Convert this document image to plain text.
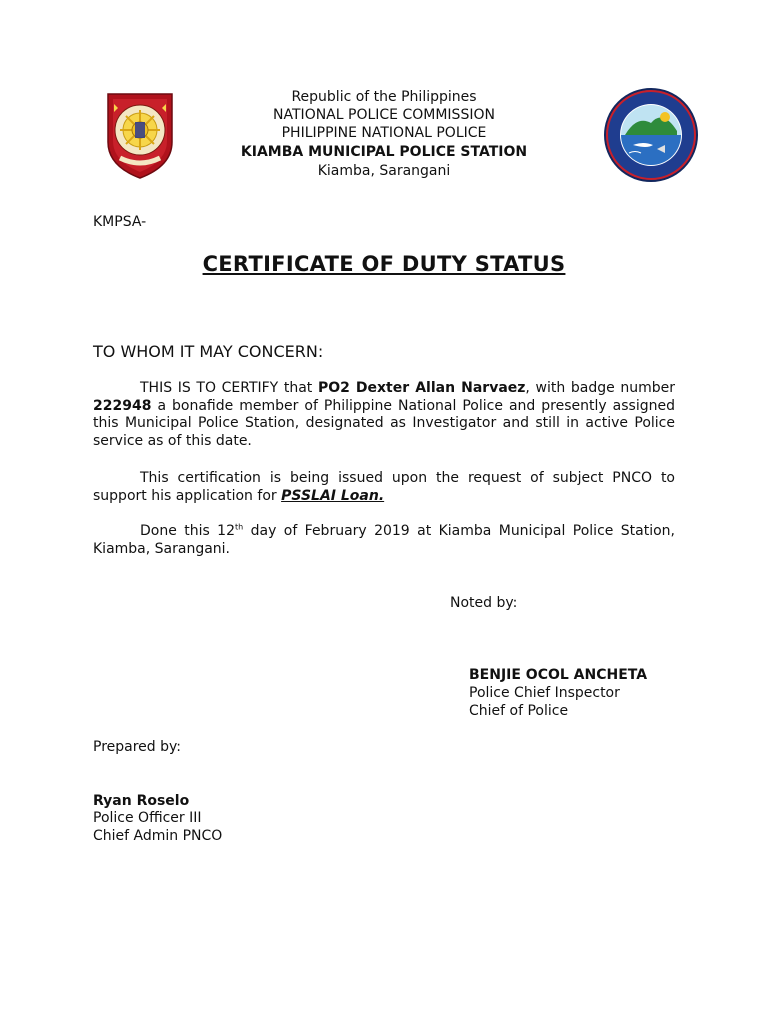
Republic of the Philippines
NATIONAL POLICE COMMISSION
PHILIPPINE NATIONAL POLICE
KIAMBA MUNICIPAL POLICE STATION
Kiamba, Sarangani
KMPSA-
CERTIFICATE OF DUTY STATUS
TO WHOM IT MAY CONCERN:
THIS IS TO CERTIFY that PO2 Dexter Allan Narvaez, with badge number 222948 a bonafide member of Philippine National Police and presently assigned this Municipal Police Station, designated as Investigator and still in active Police service as of this date.
This certification is being issued upon the request of subject PNCO to support his application for PSSLAI Loan.
Done this 12th day of February 2019 at Kiamba Municipal Police Station, Kiamba, Sarangani.
Noted by:
BENJIE OCOL ANCHETA
Police Chief Inspector
Chief of Police
Prepared by:
Ryan Roselo
Police Officer III
Chief Admin PNCO
